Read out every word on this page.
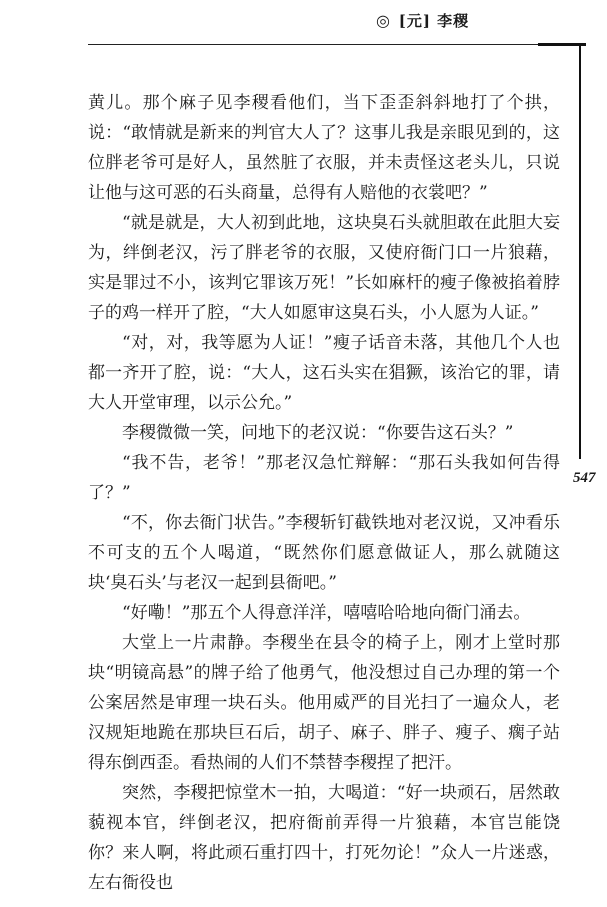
◎ [元] 李稷
547

黄儿。那个麻子见李稷看他们，当下歪歪斜斜地打了个拱，说：“敢情就是新来的判官大人了？这事儿我是亲眼见到的，这位胖老爷可是好人，虽然脏了衣服，并未责怪这老头儿，只说让他与这可恶的石头商量，总得有人赔他的衣裳吧？”

“就是就是，大人初到此地，这块臭石头就胆敢在此胆大妄为，绊倒老汉，污了胖老爷的衣服，又使府衙门口一片狼藉，实是罪过不小，该判它罪该万死！”长如麻杆的瘦子像被掐着脖子的鸡一样开了腔，“大人如愿审这臭石头，小人愿为人证。”

“对，对，我等愿为人证！”瘦子话音未落，其他几个人也都一齐开了腔，说：“大人，这石头实在猖獗，该治它的罪，请大人开堂审理，以示公允。”

李稷微微一笑，问地下的老汉说：“你要告这石头？”

“我不告，老爷！”那老汉急忙辩解：“那石头我如何告得了？”

“不，你去衙门状告。”李稷斩钉截铁地对老汉说，又冲看乐不可支的五个人喝道，“既然你们愿意做证人，那么就随这块‘臭石头’与老汉一起到县衙吧。”

“好嘞！”那五个人得意洋洋，嘻嘻哈哈地向衙门涌去。

大堂上一片肃静。李稷坐在县令的椅子上，刚才上堂时那块“明镜高悬”的牌子给了他勇气，他没想过自己办理的第一个公案居然是审理一块石头。他用威严的目光扫了一遍众人，老汉规矩地跪在那块巨石后，胡子、麻子、胖子、瘦子、瘸子站得东倒西歪。看热闹的人们不禁替李稷捏了把汗。

突然，李稷把惊堂木一拍，大喝道：“好一块顽石，居然敢藐视本官，绊倒老汉，把府衙前弄得一片狼藉，本官岂能饶你？来人啊，将此顽石重打四十，打死勿论！”众人一片迷惑，左右衙役也
